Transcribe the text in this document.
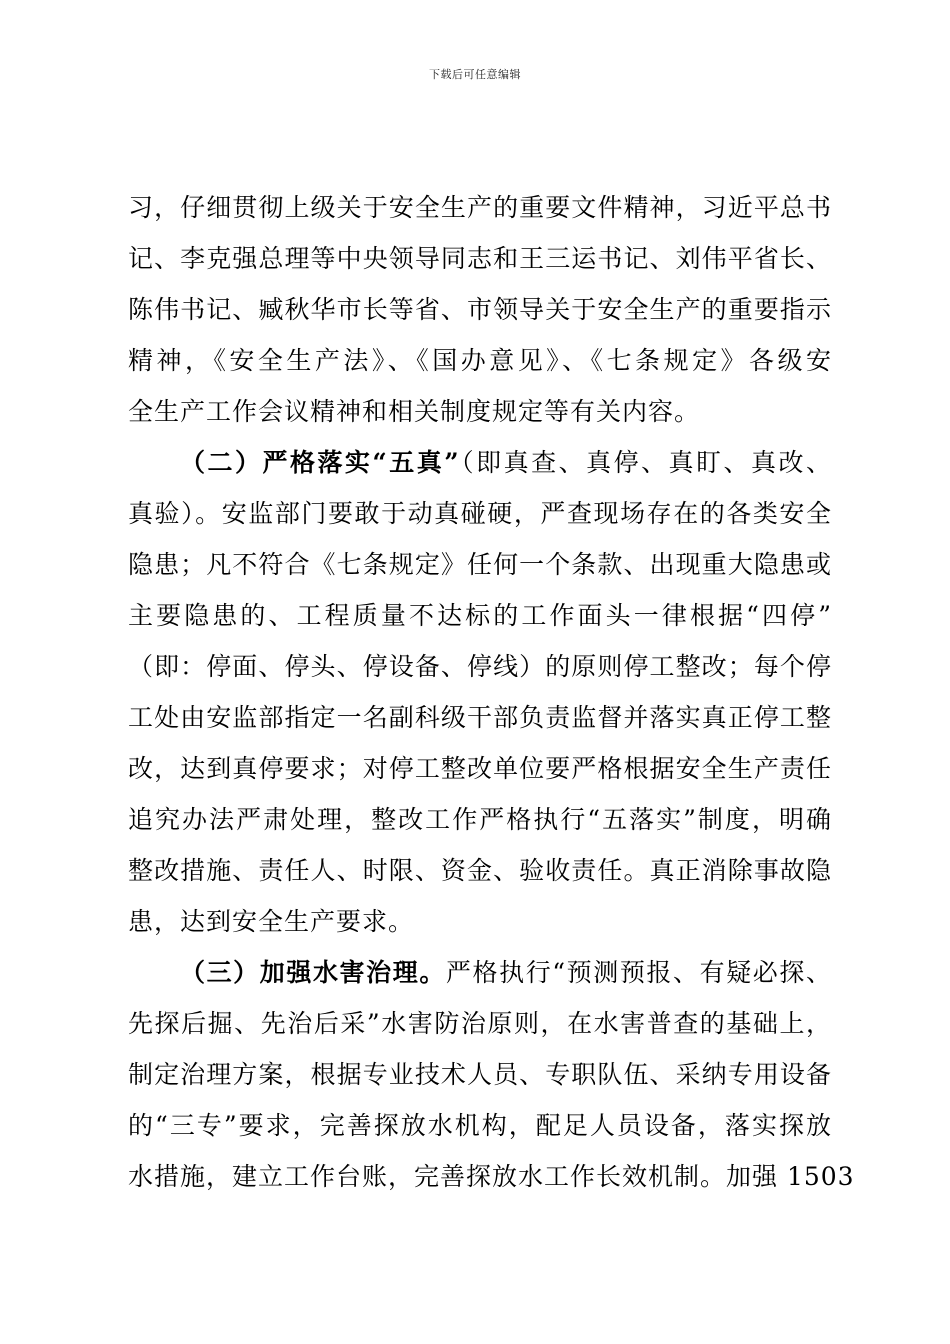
下载后可任意编辑
习，仔细贯彻上级关于安全生产的重要文件精神，习近平总书
记、李克强总理等中央领导同志和王三运书记、刘伟平省长、
陈伟书记、臧秋华市长等省、市领导关于安全生产的重要指示
精神，《安全生产法》、《国办意见》、《七条规定》各级安
全生产工作会议精神和相关制度规定等有关内容。
（二）严格落实“五真”（即真查、真停、真盯、真改、
真验）。安监部门要敢于动真碰硬，严查现场存在的各类安全
隐患；凡不符合《七条规定》任何一个条款、出现重大隐患或
主要隐患的、工程质量不达标的工作面头一律根据“四停”
（即：停面、停头、停设备、停线）的原则停工整改；每个停
工处由安监部指定一名副科级干部负责监督并落实真正停工整
改，达到真停要求；对停工整改单位要严格根据安全生产责任
追究办法严肃处理，整改工作严格执行“五落实”制度，明确
整改措施、责任人、时限、资金、验收责任。真正消除事故隐
患，达到安全生产要求。
（三）加强水害治理。严格执行“预测预报、有疑必探、
先探后掘、先治后采”水害防治原则，在水害普查的基础上，
制定治理方案，根据专业技术人员、专职队伍、采纳专用设备
的“三专”要求，完善探放水机构，配足人员设备，落实探放
水措施，建立工作台账，完善探放水工作长效机制。加强 1503
